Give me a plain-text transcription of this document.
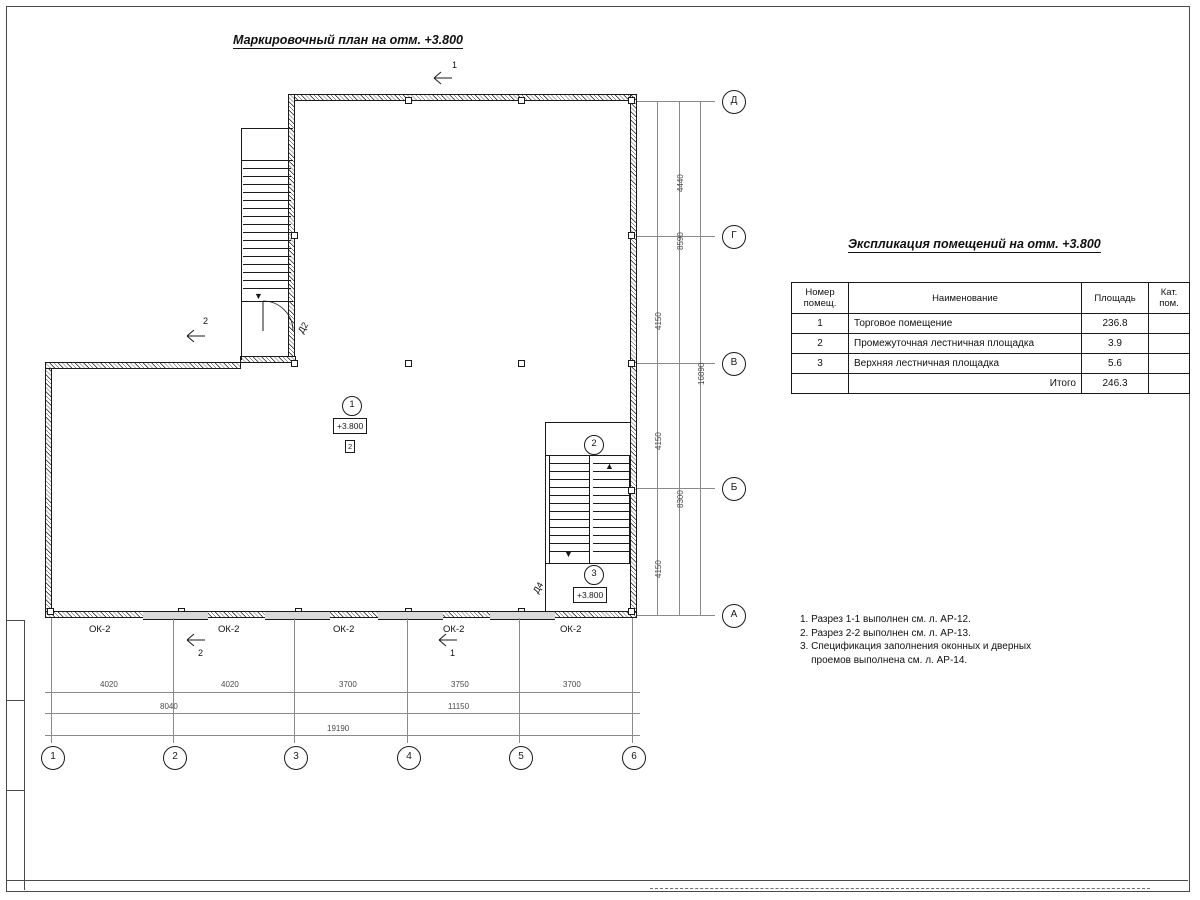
Маркировочный план на отм. +3.800
Экспликация помещений на отм. +3.800
▼
▼
▲
ОК-2	ОК-2	ОК-2	ОК-2	ОК-2
Д2
Д4
1
+3.800
2	2
3
+3.800
1
2
2	1
4150
4150
4150
8590
8300
4440
16890
Д
Г
В
Б
А
4020	4020	3700	3750	3700
8040	11150
19190
1	2	3	4	5	6
Номер помещ.	Наименование	Площадь	Кат. пом.
1	Торговое помещение	236.8	
2	Промежуточная лестничная площадка	3.9	
3	Верхняя лестничная площадка	5.6	
	Итого	246.3	
1. Разрез 1-1 выполнен см. л. АР-12.
2. Разрез 2-2 выполнен см. л. АР-13.
3. Спецификация заполнения оконных и дверных
проемов выполнена см. л. АР-14.
